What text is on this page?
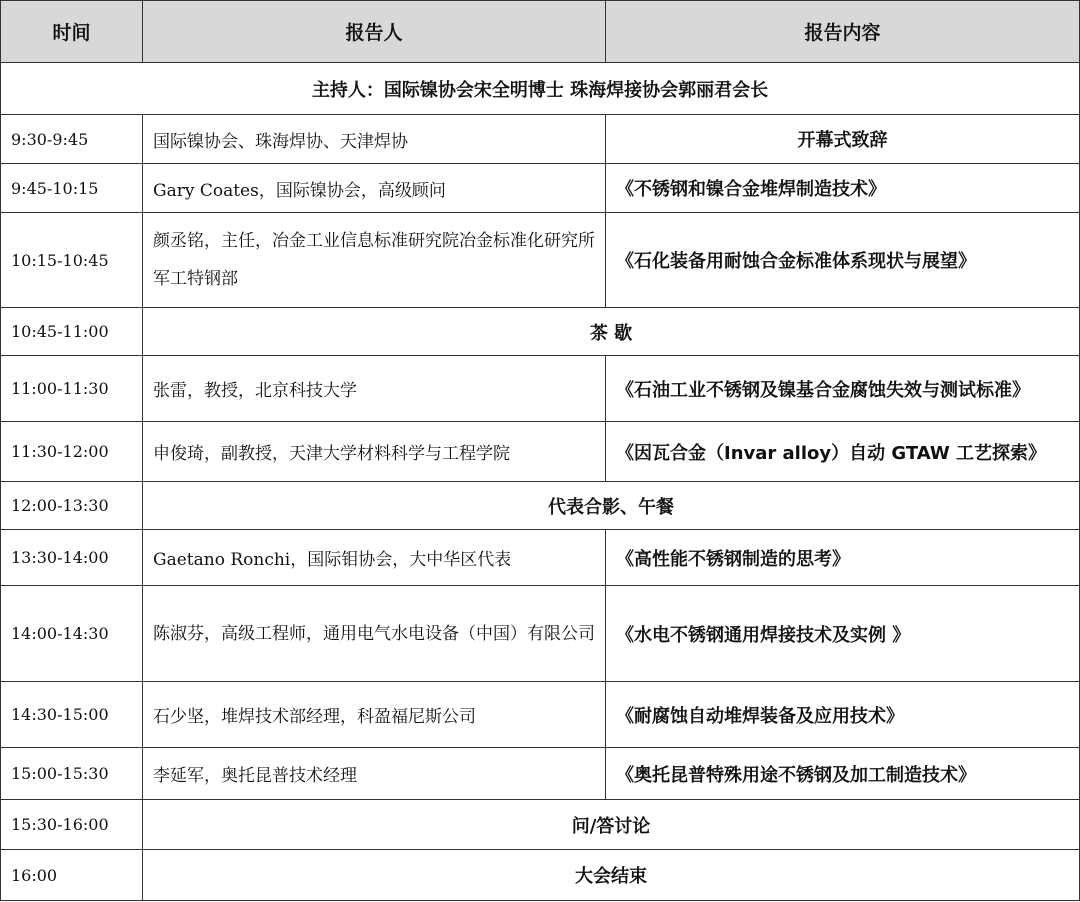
时间	报告人	报告内容
主持人：国际镍协会宋全明博士 珠海焊接协会郭丽君会长		
9:30-9:45	国际镍协会、珠海焊协、天津焊协	开幕式致辞
9:45-10:15	Gary Coates，国际镍协会，高级顾问	《不锈钢和镍合金堆焊制造技术》
10:15-10:45	颜丞铭，主任，冶金工业信息标准研究院冶金标准化研究所军工特钢部	《石化装备用耐蚀合金标准体系现状与展望》
10:45-11:00	茶 歇	
11:00-11:30	张雷，教授，北京科技大学	《石油工业不锈钢及镍基合金腐蚀失效与测试标准》
11:30-12:00	申俊琦，副教授，天津大学材料科学与工程学院	《因瓦合金（Invar alloy）自动 GTAW 工艺探索》
12:00-13:30	代表合影、午餐	
13:30-14:00	Gaetano Ronchi，国际钼协会，大中华区代表	《高性能不锈钢制造的思考》
14:00-14:30	陈淑芬，高级工程师，通用电气水电设备（中国）有限公司	《水电不锈钢通用焊接技术及实例 》
14:30-15:00	石少坚，堆焊技术部经理，科盈福尼斯公司	《耐腐蚀自动堆焊装备及应用技术》
15:00-15:30	李延军，奥托昆普技术经理	《奥托昆普特殊用途不锈钢及加工制造技术》
15:30-16:00	问/答讨论	
16:00	大会结束	
